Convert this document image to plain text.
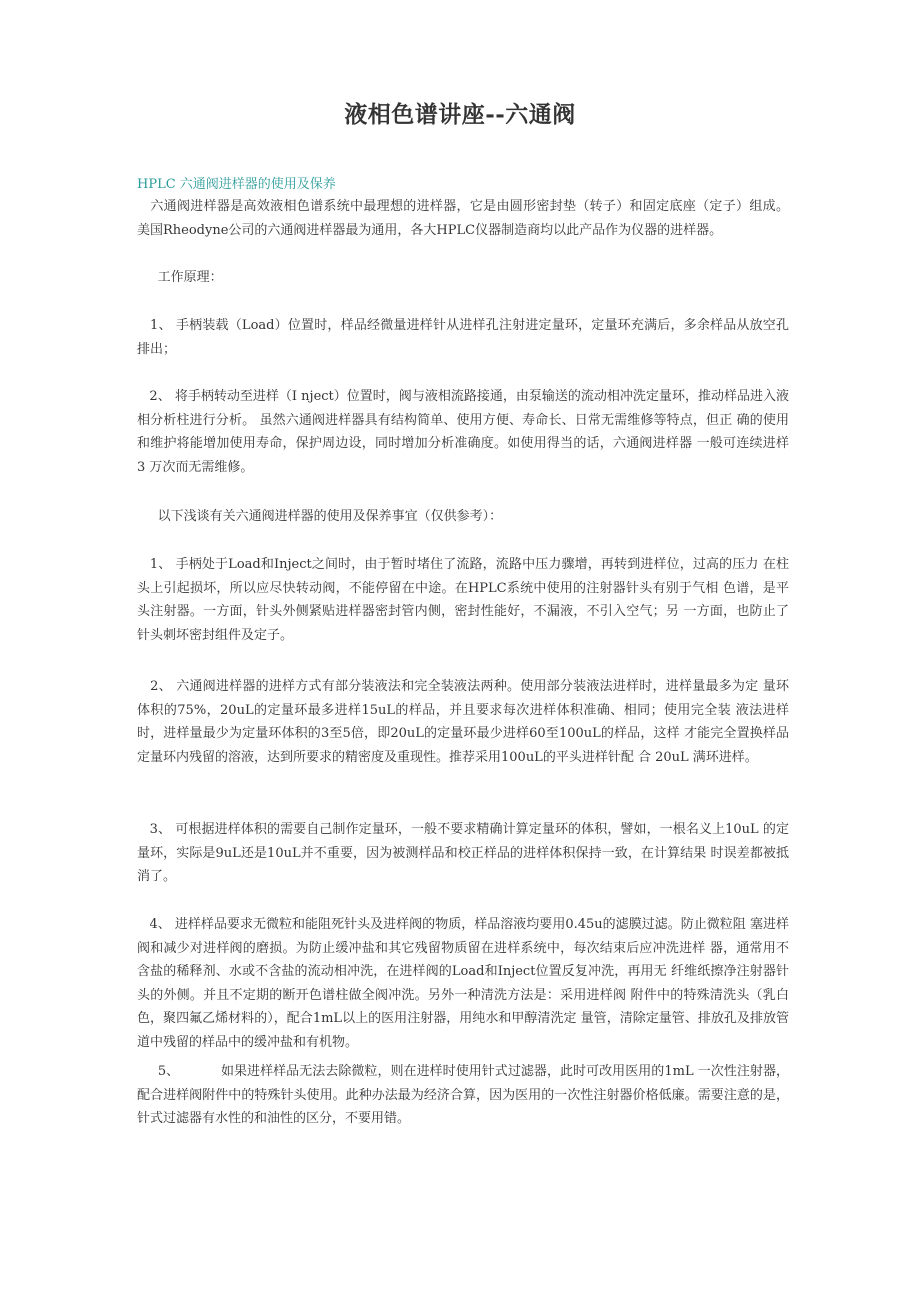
液相色谱讲座--六通阀
HPLC 六通阀进样器的使用及保养

六通阀进样器是高效液相色谱系统中最理想的进样器，它是由圆形密封垫（转子）和固定底座（定子）组成。 美国Rheodyne公司的六通阀进样器最为通用，各大HPLC仪器制造商均以此产品作为仪器的进样器。

工作原理：

1、 手柄装载（Load）位置时，样品经微量进样针从进样孔注射进定量环，定量环充满后，多余样品从放空孔排出；

2、 将手柄转动至进样（I nject）位置时，阀与液相流路接通，由泵输送的流动相冲洗定量环，推动样品进入液相分析柱进行分析。 虽然六通阀进样器具有结构简单、使用方便、寿命长、日常无需维修等特点，但正 确的使用和维护将能增加使用寿命，保护周边设，同时增加分析准确度。如使用得当的话，六通阀进样器 一般可连续进样 3 万次而无需维修。

以下浅谈有关六通阀进样器的使用及保养事宜（仅供参考）：

1、 手柄处于Load和Inject之间时，由于暂时堵住了流路，流路中压力骤增，再转到进样位，过高的压力 在柱头上引起损坏，所以应尽快转动阀，不能停留在中途。在HPLC系统中使用的注射器针头有别于气相 色谱，是平头注射器。一方面，针头外侧紧贴进样器密封管内侧，密封性能好，不漏液，不引入空气；另 一方面，也防止了针头刺坏密封组件及定子。

2、 六通阀进样器的进样方式有部分装液法和完全装液法两种。使用部分装液法进样时，进样量最多为定 量环体积的75%，20uL的定量环最多进样15uL的样品，并且要求每次进样体积准确、相同；使用完全装 液法进样时，进样量最少为定量环体积的3至5倍，即20uL的定量环最少进样60至100uL的样品，这样 才能完全置换样品定量环内残留的溶液，达到所要求的精密度及重现性。推荐采用100uL的平头进样针配 合 20uL 满环进样。

3、 可根据进样体积的需要自己制作定量环，一般不要求精确计算定量环的体积，譬如，一根名义上10uL 的定量环，实际是9uL还是10uL并不重要，因为被测样品和校正样品的进样体积保持一致，在计算结果 时误差都被抵消了。

4、 进样样品要求无微粒和能阻死针头及进样阀的物质，样品溶液均要用0.45u的滤膜过滤。防止微粒阻 塞进样阀和减少对进样阀的磨损。为防止缓冲盐和其它残留物质留在进样系统中，每次结束后应冲洗进样 器，通常用不含盐的稀释剂、水或不含盐的流动相冲洗，在进样阀的Load和Inject位置反复冲洗，再用无 纤维纸擦净注射器针头的外侧。并且不定期的断开色谱柱做全阀冲洗。另外一种清洗方法是：采用进样阀 附件中的特殊清洗头（乳白色，聚四氟乙烯材料的），配合1mL以上的医用注射器，用纯水和甲醇清洗定 量管，清除定量管、排放孔及排放管道中残留的样品中的缓冲盐和有机物。

5、          如果进样样品无法去除微粒，则在进样时使用针式过滤器，此时可改用医用的1mL 一次性注射器， 配合进样阀附件中的特殊针头使用。此种办法最为经济合算，因为医用的一次性注射器价格低廉。需要注意的是，针式过滤器有水性的和油性的区分，不要用错。
